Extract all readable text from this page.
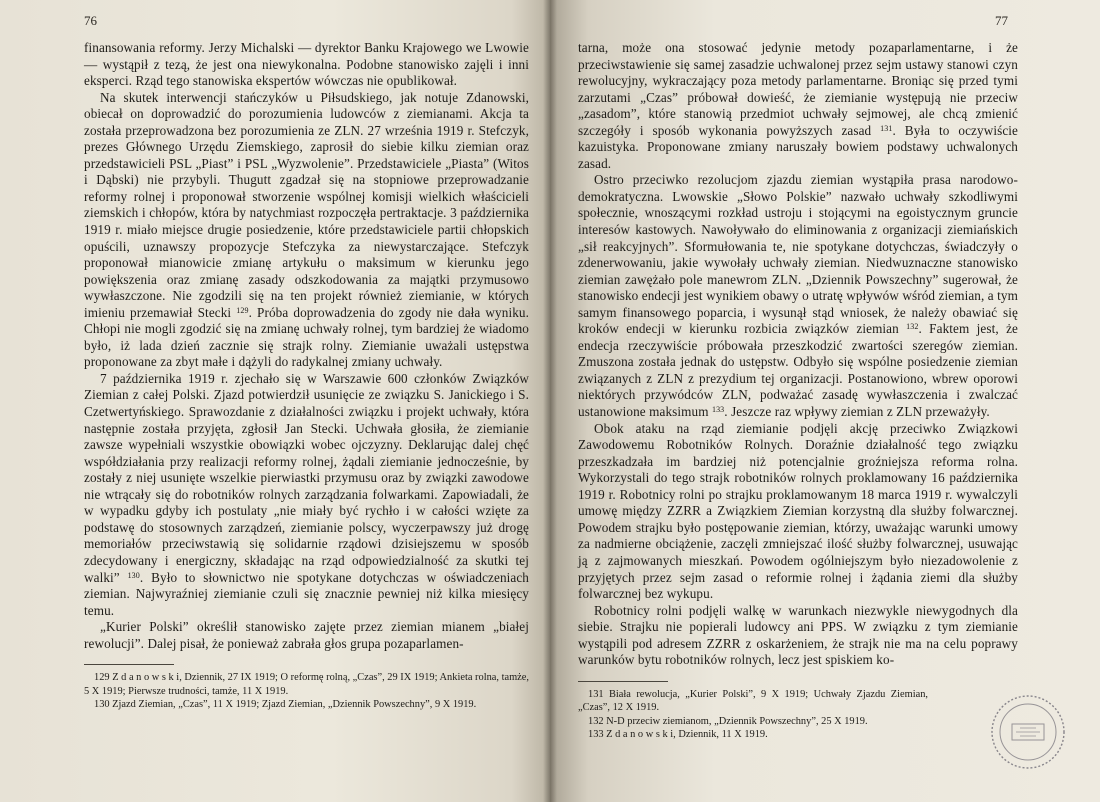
76

finansowania reformy. Jerzy Michalski — dyrektor Banku Krajowego we Lwowie — wystąpił z tezą, że jest ona niewykonalna. Podobne stanowisko zajęli i inni eksperci. Rząd tego stanowiska ekspertów wówczas nie opublikował.

Na skutek interwencji stańczyków u Piłsudskiego, jak notuje Zdanowski, obiecał on doprowadzić do porozumienia ludowców z ziemianami. Akcja ta została przeprowadzona bez porozumienia ze ZLN. 27 września 1919 r. Stefczyk, prezes Głównego Urzędu Ziemskiego, zaprosił do siebie kilku ziemian oraz przedstawicieli PSL „Piast” i PSL „Wyzwolenie”. Przedstawiciele „Piasta” (Witos i Dąbski) nie przybyli. Thugutt zgadzał się na stopniowe przeprowadzanie reformy rolnej i proponował stworzenie wspólnej komisji wielkich właścicieli ziemskich i chłopów, która by natychmiast rozpoczęła pertraktacje. 3 października 1919 r. miało miejsce drugie posiedzenie, które przedstawiciele partii chłopskich opuścili, uznawszy propozycje Stefczyka za niewystarczające. Stefczyk proponował mianowicie zmianę artykułu o maksimum w kierunku jego powiększenia oraz zmianę zasady odszkodowania za majątki przymusowo wywłaszczone. Nie zgodzili się na ten projekt również ziemianie, w których imieniu przemawiał Stecki $^{129}$. Próba doprowadzenia do zgody nie dała wyniku. Chłopi nie mogli zgodzić się na zmianę uchwały rolnej, tym bardziej że wiadomo było, iż lada dzień zacznie się strajk rolny. Ziemianie uważali ustępstwa proponowane za zbyt małe i dążyli do radykalnej zmiany uchwały.

7 października 1919 r. zjechało się w Warszawie 600 członków Związków Ziemian z całej Polski. Zjazd potwierdził usunięcie ze związku S. Janickiego i S. Czetwertyńskiego. Sprawozdanie z działalności związku i projekt uchwały, która następnie została przyjęta, zgłosił Jan Stecki. Uchwała głosiła, że ziemianie zawsze wypełniali wszystkie obowiązki wobec ojczyzny. Deklarując dalej chęć współdziałania przy realizacji reformy rolnej, żądali ziemianie jednocześnie, by zostały z niej usunięte wszelkie pierwiastki przymusu oraz by związki zawodowe nie wtrącały się do robotników rolnych zarządzania folwarkami. Zapowiadali, że w wypadku gdyby ich postulaty „nie miały być rychło i w całości wzięte za podstawę do stosownych zarządzeń, ziemianie polscy, wyczerpawszy już drogę memoriałów przeciwstawią się solidarnie rządowi dzisiejszemu w sposób zdecydowany i energiczny, składając na rząd odpowiedzialność za skutki tej walki” $^{130}$. Było to słownictwo nie spotykane dotychczas w oświadczeniach ziemian. Najwyraźniej ziemianie czuli się znacznie pewniej niż kilka miesięcy temu.

„Kurier Polski” określił stanowisko zajęte przez ziemian mianem „białej rewolucji”. Dalej pisał, że ponieważ zabrała głos grupa pozaparlamen-

129 Z d a n o w s k i, Dziennik, 27 IX 1919; O reformę rolną, „Czas”, 29 IX 1919; Ankieta rolna, tamże, 5 X 1919; Pierwsze trudności, tamże, 11 X 1919.

130 Zjazd Ziemian, „Czas”, 11 X 1919; Zjazd Ziemian, „Dziennik Powszechny”, 9 X 1919.

77

tarna, może ona stosować jedynie metody pozaparlamentarne, i że przeciwstawienie się samej zasadzie uchwalonej przez sejm ustawy stanowi czyn rewolucyjny, wykraczający poza metody parlamentarne. Broniąc się przed tymi zarzutami „Czas” próbował dowieść, że ziemianie występują nie przeciw „zasadom”, które stanowią przedmiot uchwały sejmowej, ale chcą zmienić szczegóły i sposób wykonania powyższych zasad $^{131}$. Była to oczywiście kazuistyka. Proponowane zmiany naruszały bowiem podstawy uchwalonych zasad.

Ostro przeciwko rezolucjom zjazdu ziemian wystąpiła prasa narodowo-demokratyczna. Lwowskie „Słowo Polskie” nazwało uchwały szkodliwymi społecznie, wnoszącymi rozkład ustroju i stojącymi na egoistycznym gruncie interesów kastowych. Nawoływało do eliminowania z organizacji ziemiańskich „sił reakcyjnych”. Sformułowania te, nie spotykane dotychczas, świadczyły o zdenerwowaniu, jakie wywołały uchwały ziemian. Niedwuznaczne stanowisko ziemian zawężało pole manewrom ZLN. „Dziennik Powszechny” sugerował, że stanowisko endecji jest wynikiem obawy o utratę wpływów wśród ziemian, a tym samym finansowego poparcia, i wysunął stąd wniosek, że należy obawiać się kroków endecji w kierunku rozbicia związków ziemian $^{132}$. Faktem jest, że endecja rzeczywiście próbowała przeszkodzić zwartości szeregów ziemian. Zmuszona została jednak do ustępstw. Odbyło się wspólne posiedzenie ziemian związanych z ZLN z prezydium tej organizacji. Postanowiono, wbrew oporowi niektórych przywódców ZLN, podważać zasadę wywłaszczenia i zwalczać ustanowione maksimum $^{133}$. Jeszcze raz wpływy ziemian z ZLN przeważyły.

Obok ataku na rząd ziemianie podjęli akcję przeciwko Związkowi Zawodowemu Robotników Rolnych. Doraźnie działalność tego związku przeszkadzała im bardziej niż potencjalnie groźniejsza reforma rolna. Wykorzystali do tego strajk robotników rolnych proklamowany 16 października 1919 r. Robotnicy rolni po strajku proklamowanym 18 marca 1919 r. wywalczyli umowę między ZZRR a Związkiem Ziemian korzystną dla służby folwarcznej. Powodem strajku było postępowanie ziemian, którzy, uważając warunki umowy za nadmierne obciążenie, zaczęli zmniejszać ilość służby folwarcznej, usuwając ją z zajmowanych mieszkań. Powodem ogólniejszym było niezadowolenie z przyjętych przez sejm zasad o reformie rolnej i żądania ziemi dla służby folwarcznej bez wykupu.

Robotnicy rolni podjęli walkę w warunkach niezwykle niewygodnych dla siebie. Strajku nie popierali ludowcy ani PPS. W związku z tym ziemianie wystąpili pod adresem ZZRR z oskarżeniem, że strajk nie ma na celu poprawy warunków bytu robotników rolnych, lecz jest spiskiem ko-

131 Biała rewolucja, „Kurier Polski”, 9 X 1919; Uchwały Zjazdu Ziemian, „Czas”, 12 X 1919.

132 N-D przeciw ziemianom, „Dziennik Powszechny”, 25 X 1919.

133 Z d a n o w s k i, Dziennik, 11 X 1919.
